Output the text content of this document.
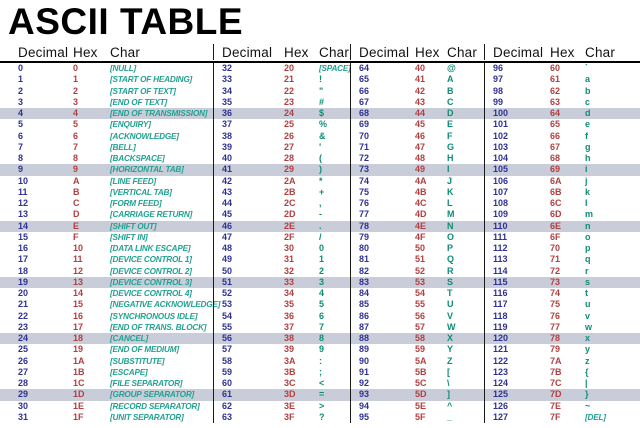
ASCII TABLE
Decimal Hex Char	Decimal Hex Char Decimal Hex Char	Decimal Hex Char
0	0	[NULL]
1	1	[START OF HEADING]
2	2	[START OF TEXT]
3	3	[END OF TEXT]
4	4	[END OF TRANSMISSION]
5	5	[ENQUIRY]
6	6	[ACKNOWLEDGE]
7	7	[BELL]
8	8	[BACKSPACE]
9	9	[HORIZONTAL TAB]
10	A	[LINE FEED]
11	B	[VERTICAL TAB]
12	C	[FORM FEED]
13	D	[CARRIAGE RETURN]
14	E	[SHIFT OUT]
15	F	[SHIFT IN]
16	10	[DATA LINK ESCAPE]
17	11	[DEVICE CONTROL 1]
18	12	[DEVICE CONTROL 2]
19	13	[DEVICE CONTROL 3]
20	14	[DEVICE CONTROL 4]
21	15	[NEGATIVE ACKNOWLEDGE]
22	16	[SYNCHRONOUS IDLE]
23	17	[END OF TRANS. BLOCK]
24	18	[CANCEL]
25	19	[END OF MEDIUM]
26	1A	[SUBSTITUTE]
27	1B	[ESCAPE]
28	1C	[FILE SEPARATOR]
29	1D	[GROUP SEPARATOR]
30	1E	[RECORD SEPARATOR]
31	1F	[UNIT SEPARATOR]
32	20	[SPACE]
33	21	!
34	22	"
35	23	#
36	24	$
37	25	%
38	26	&
39	27	'
40	28	(
41	29	)
42	2A	*
43	2B	+
44	2C	,
45	2D	-
46	2E	.
47	2F	/
48	30	0
49	31	1
50	32	2
51	33	3
52	34	4
53	35	5
54	36	6
55	37	7
56	38	8
57	39	9
58	3A	:
59	3B	;
60	3C	<
61	3D	=
62	3E	>
63	3F	?
64	40	@
65	41	A
66	42	B
67	43	C
68	44	D
69	45	E
70	46	F
71	47	G
72	48	H
73	49	I
74	4A	J
75	4B	K
76	4C	L
77	4D	M
78	4E	N
79	4F	O
80	50	P
81	51	Q
82	52	R
83	53	S
84	54	T
85	55	U
86	56	V
87	57	W
88	58	X
89	59	Y
90	5A	Z
91	5B	[
92	5C	\
93	5D	]
94	5E	^
95	5F	_
96	60	`
97	61	a
98	62	b
99	63	c
100	64	d
101	65	e
102	66	f
103	67	g
104	68	h
105	69	i
106	6A	j
107	6B	k
108	6C	l
109	6D	m
110	6E	n
111	6F	o
112	70	p
113	71	q
114	72	r
115	73	s
116	74	t
117	75	u
118	76	v
119	77	w
120	78	x
121	79	y
122	7A	z
123	7B	{
124	7C	|
125	7D	}
126	7E	~
127	7F	[DEL]
